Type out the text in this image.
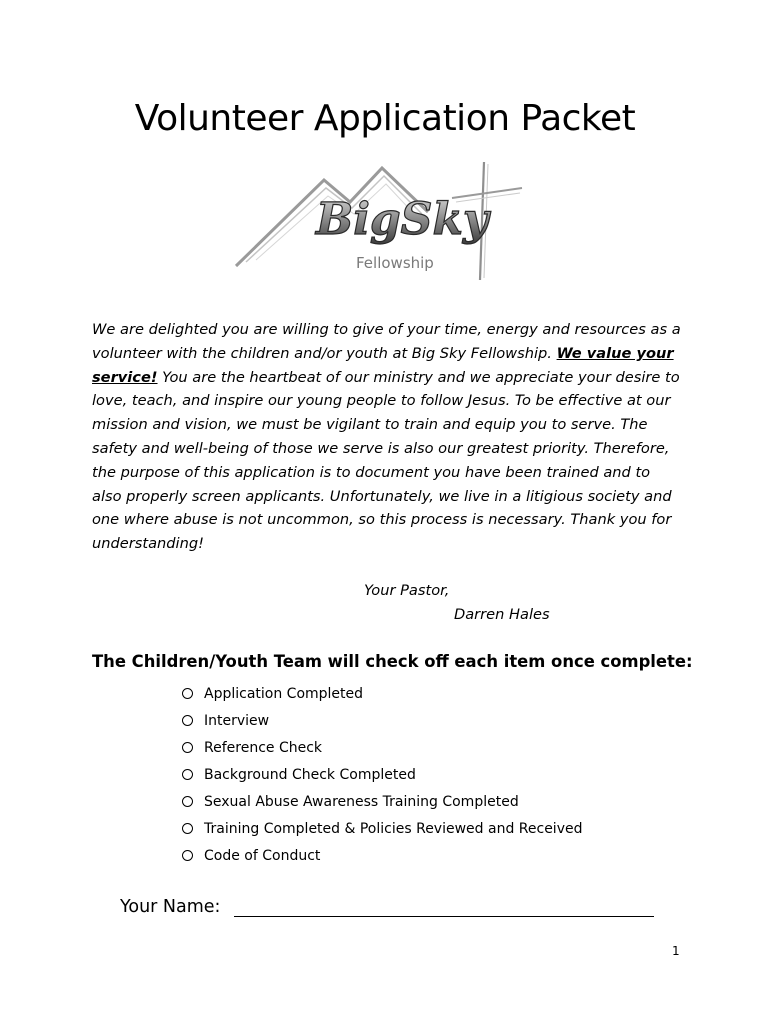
Volunteer Application Packet
BigSky
Fellowship
We are delighted you are willing to give of your time, energy and resources as a
volunteer with the children and/or youth at Big Sky Fellowship. We value your
service! You are the heartbeat of our ministry and we appreciate your desire to
love, teach, and inspire our young people to follow Jesus. To be effective at our
mission and vision, we must be vigilant to train and equip you to serve. The
safety and well-being of those we serve is also our greatest priority. Therefore,
the purpose of this application is to document you have been trained and to
also properly screen applicants. Unfortunately, we live in a litigious society and
one where abuse is not uncommon, so this process is necessary. Thank you for
understanding!
Your Pastor,
Darren Hales
The Children/Youth Team will check off each item once complete:
Application Completed
Interview
Reference Check
Background Check Completed
Sexual Abuse Awareness Training Completed
Training Completed & Policies Reviewed and Received
Code of Conduct
Your Name:
1
